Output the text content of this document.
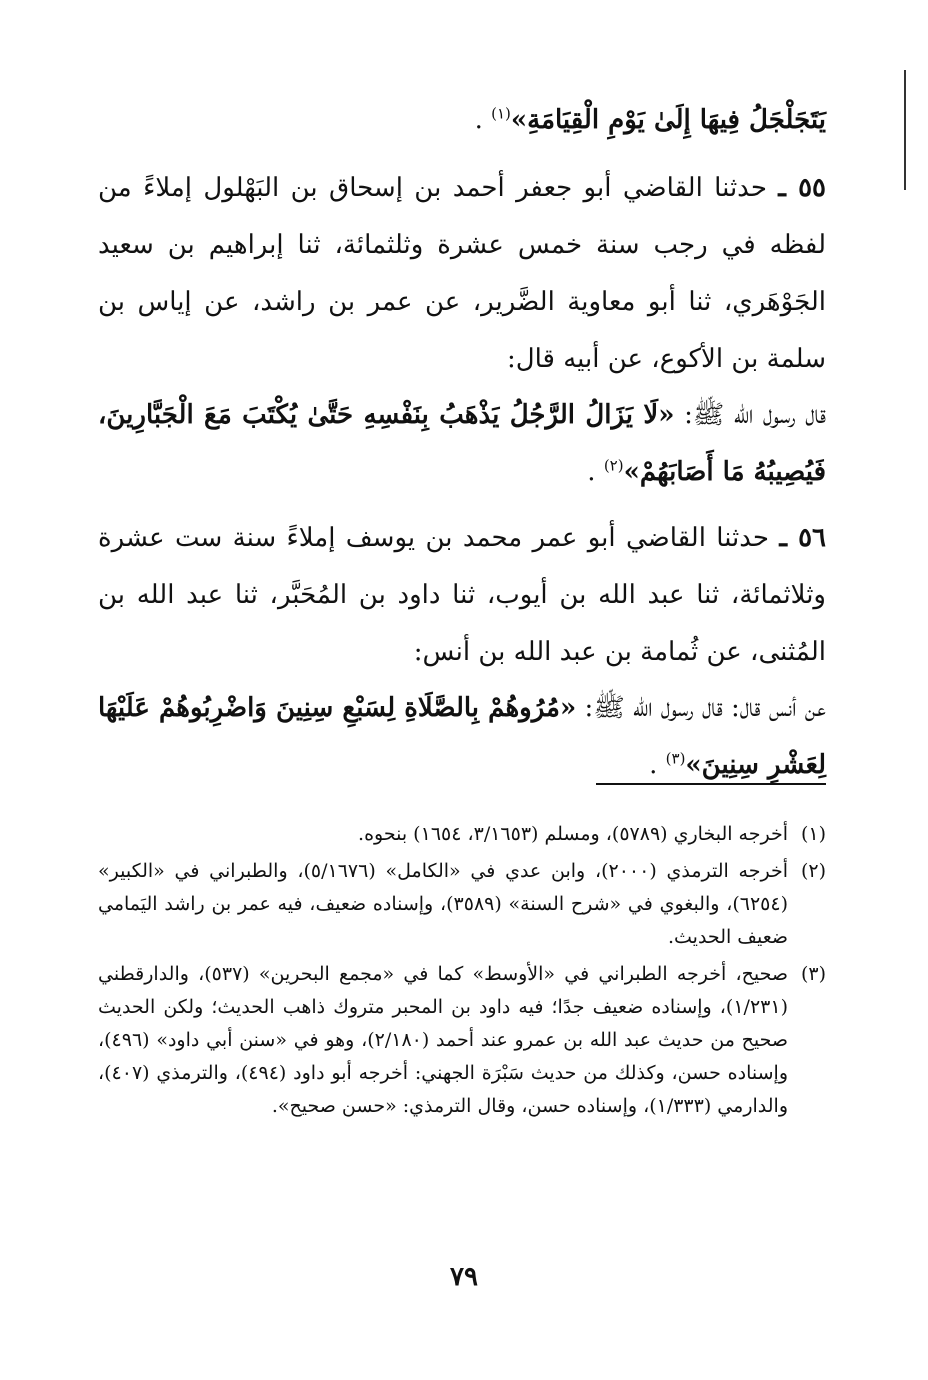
يَتَجَلْجَلُ فِيهَا إِلَىٰ يَوْمِ الْقِيَامَةِ»$^{(١)}$ .

٥٥ ـ حدثنا القاضي أبو جعفر أحمد بن إسحاق بن البَهْلول إملاءً من لفظه في رجب سنة خمس عشرة وثلثمائة، ثنا إبراهيم بن سعيد الجَوْهَري، ثنا أبو معاوية الضَّرير، عن عمر بن راشد، عن إياس بن سلمة بن الأكوع، عن أبيه قال:

قال رسول الله ﷺ: «لَا يَزَالُ الرَّجُلُ يَذْهَبُ بِنَفْسِهِ حَتَّىٰ يُكْتَبَ مَعَ الْجَبَّارِينَ، فَيُصِيبُهُ مَا أَصَابَهُمْ»$^{(٢)}$ .

٥٦ ـ حدثنا القاضي أبو عمر محمد بن يوسف إملاءً سنة ست عشرة وثلاثمائة، ثنا عبد الله بن أيوب، ثنا داود بن المُحَبَّر، ثنا عبد الله بن المُثنى، عن ثُمامة بن عبد الله بن أنس:

عن أنس قال: قال رسول الله ﷺ: «مُرُوهُمْ بِالصَّلَاةِ لِسَبْعِ سِنِينَ وَاضْرِبُوهُمْ عَلَيْهَا لِعَشْرِ سِنِينَ»$^{(٣)}$ .

(١)
أخرجه البخاري (٥٧٨٩)، ومسلم (٣/١٦٥٣، ١٦٥٤) بنحوه.
(٢)
أخرجه الترمذي (٢٠٠٠)، وابن عدي في «الكامل» (٥/١٦٧٦)، والطبراني في «الكبير» (٦٢٥٤)، والبغوي في «شرح السنة» (٣٥٨٩)، وإسناده ضعيف، فيه عمر بن راشد اليَمامي ضعيف الحديث.
(٣)
صحيح، أخرجه الطبراني في «الأوسط» كما في «مجمع البحرين» (٥٣٧)، والدارقطني (١/٢٣١)، وإسناده ضعيف جدًا؛ فيه داود بن المحبر متروك ذاهب الحديث؛ ولكن الحديث صحيح من حديث عبد الله بن عمرو عند أحمد (٢/١٨٠)، وهو في «سنن أبي داود» (٤٩٦)، وإسناده حسن، وكذلك من حديث سَبْرَة الجهني: أخرجه أبو داود (٤٩٤)، والترمذي (٤٠٧)، والدارمي (١/٣٣٣)، وإسناده حسن، وقال الترمذي: «حسن صحيح».
٧٩
